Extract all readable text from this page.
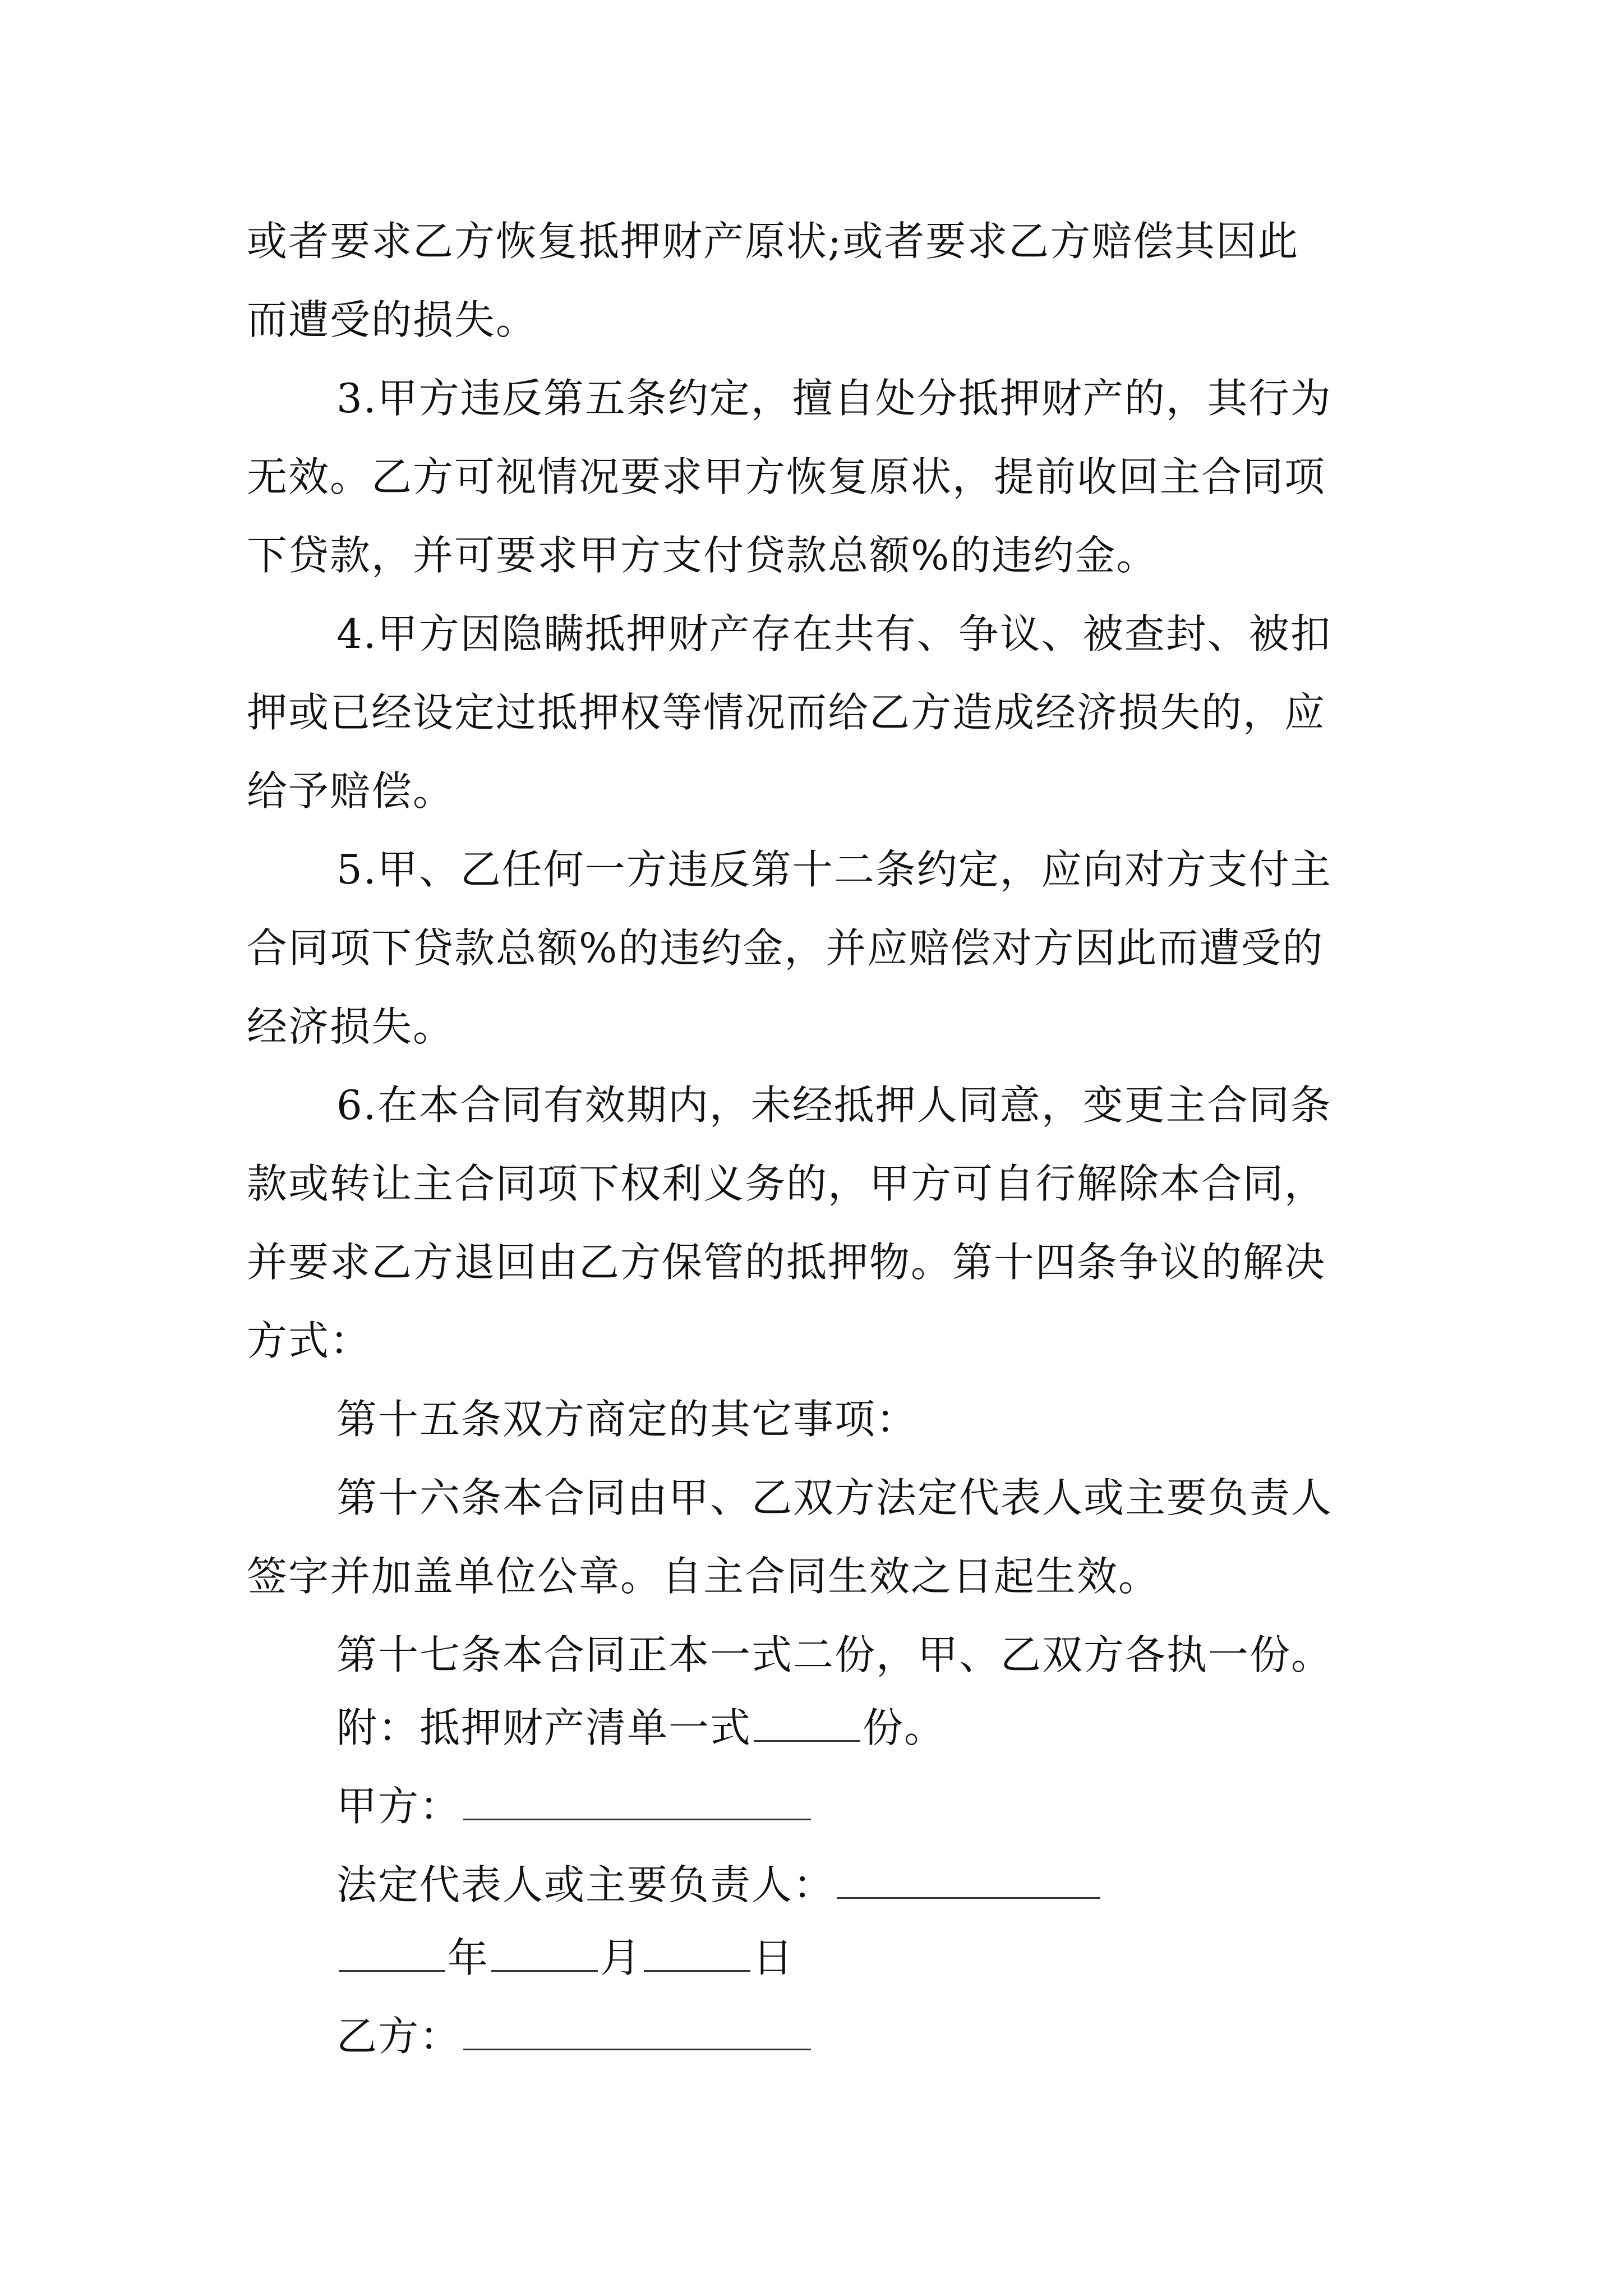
或者要求乙方恢复抵押财产原状;或者要求乙方赔偿其因此
而遭受的损失。
3.甲方违反第五条约定，擅自处分抵押财产的，其行为
无效。乙方可视情况要求甲方恢复原状，提前收回主合同项
下贷款，并可要求甲方支付贷款总额%的违约金。
4.甲方因隐瞒抵押财产存在共有、争议、被查封、被扣
押或已经设定过抵押权等情况而给乙方造成经济损失的，应
给予赔偿。
5.甲、乙任何一方违反第十二条约定，应向对方支付主
合同项下贷款总额%的违约金，并应赔偿对方因此而遭受的
经济损失。
6.在本合同有效期内，未经抵押人同意，变更主合同条
款或转让主合同项下权利义务的，甲方可自行解除本合同，
并要求乙方退回由乙方保管的抵押物。第十四条争议的解决
方式：
第十五条双方商定的其它事项：
第十六条本合同由甲、乙双方法定代表人或主要负责人
签字并加盖单位公章。自主合同生效之日起生效。
第十七条本合同正本一式二份，甲、乙双方各执一份。
附：抵押财产清单一式	份。
甲方：
法定代表人或主要负责人：
年	月	日
乙方：
